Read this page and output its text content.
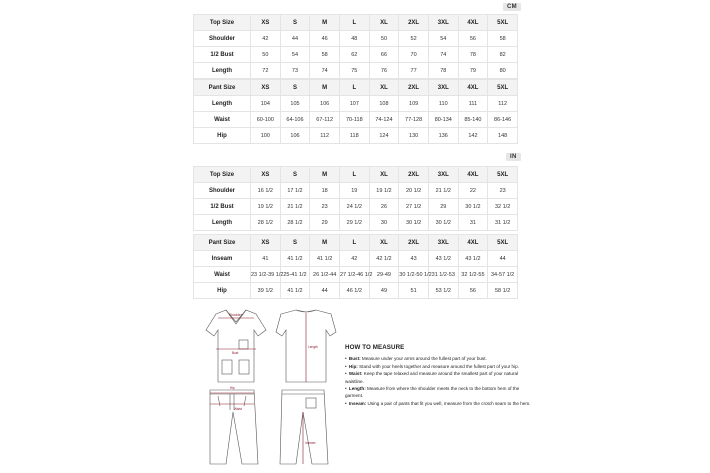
CM
Top Size	XS	S	M	L	XL	2XL	3XL	4XL	5XL
Shoulder	42	44	46	48	50	52	54	56	58
1/2 Bust	50	54	58	62	66	70	74	78	82
Length	72	73	74	75	76	77	78	79	80
Pant Size	XS	S	M	L	XL	2XL	3XL	4XL	5XL
Length	104	105	106	107	108	109	110	111	112
Waist	60-100	64-106	67-112	70-118	74-124	77-128	80-134	85-140	86-146
Hip	100	106	112	118	124	130	136	142	148
IN
Top Size	XS	S	M	L	XL	2XL	3XL	4XL	5XL
Shoulder	16 1/2	17 1/2	18	19	19 1/2	20 1/2	21 1/2	22	23
1/2 Bust	19 1/2	21 1/2	23	24 1/2	26	27 1/2	29	30 1/2	32 1/2
Length	28 1/2	28 1/2	29	29 1/2	30	30 1/2	30 1/2	31	31 1/2
Pant Size	XS	S	M	L	XL	2XL	3XL	4XL	5XL
Inseam	41	41 1/2	41 1/2	42	42 1/2	43	43 1/2	43 1/2	44
Waist	23 1/2-39 1/2	25-41 1/2	26 1/2-44	27 1/2-46 1/2	29-49	30 1/2-50 1/2	31 1/2-53	32 1/2-55	34-57 1/2
Hip	39 1/2	41 1/2	44	46 1/2	49	51	53 1/2	56	58 1/2
Shoulder
Bust
Length
Hip
Waist
Inseam
HOW TO MEASURE
• Bust: Measure under your arms around the fullest part of your bust.
• Hip: Stand with your heels together and measure around the fullest part of your hip.
• Waist: Keep the tape relaxed and measure around the smallest part of your natural waistline.
• Length: Measure from where the shoulder meets the neck to the bottom hem of the garment.
• Inseam: Using a pair of pants that fit you well, measure from the crotch seam to the hem.
